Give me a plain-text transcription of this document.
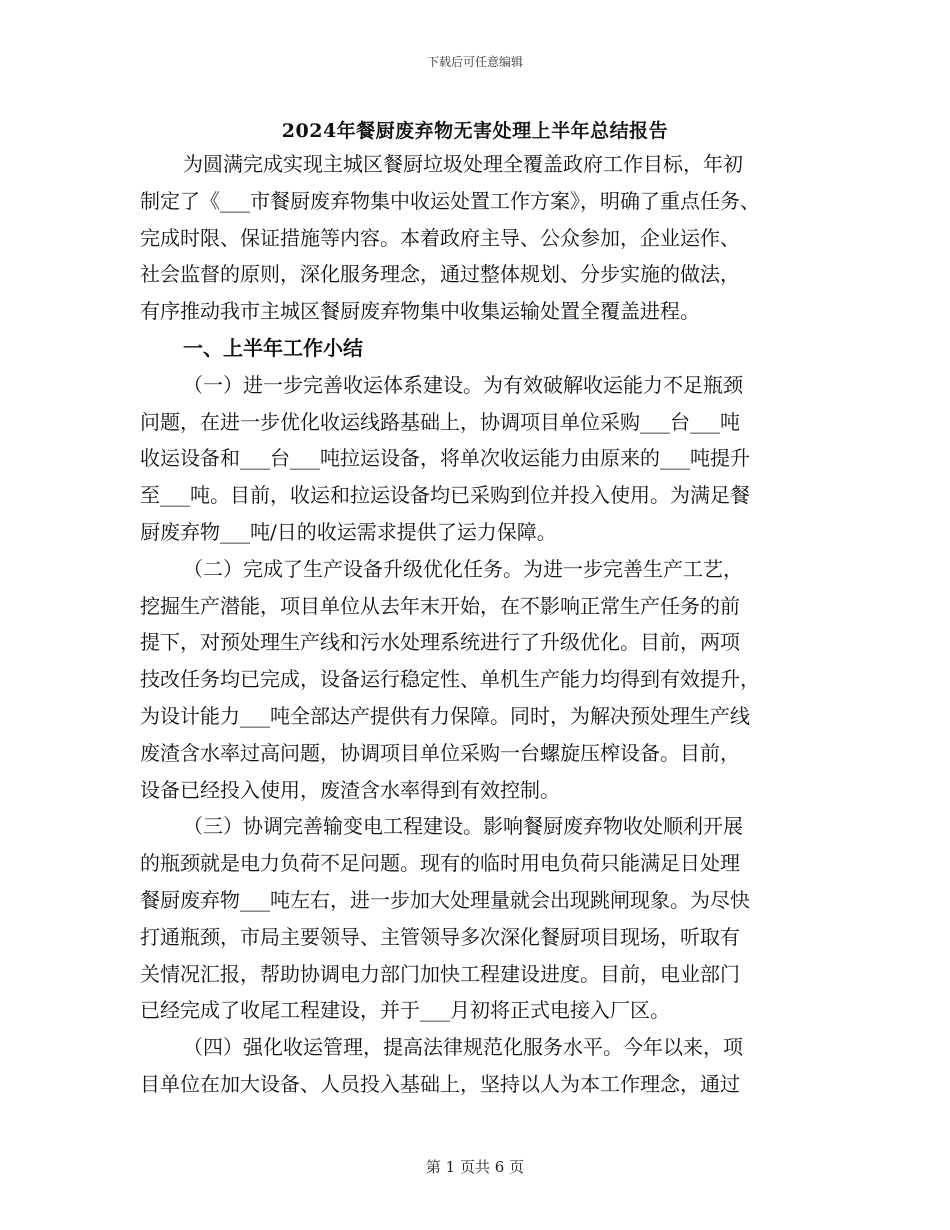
下载后可任意编辑
2024年餐厨废弃物无害处理上半年总结报告
为圆满完成实现主城区餐厨垃圾处理全覆盖政府工作目标，年初
制定了《___市餐厨废弃物集中收运处置工作方案》，明确了重点任务、
完成时限、保证措施等内容。本着政府主导、公众参加，企业运作、
社会监督的原则，深化服务理念，通过整体规划、分步实施的做法，
有序推动我市主城区餐厨废弃物集中收集运输处置全覆盖进程。
一、上半年工作小结
（一）进一步完善收运体系建设。为有效破解收运能力不足瓶颈
问题，在进一步优化收运线路基础上，协调项目单位采购___台___吨
收运设备和___台___吨拉运设备，将单次收运能力由原来的___吨提升
至___吨。目前，收运和拉运设备均已采购到位并投入使用。为满足餐
厨废弃物___吨/日的收运需求提供了运力保障。
（二）完成了生产设备升级优化任务。为进一步完善生产工艺，
挖掘生产潜能，项目单位从去年末开始，在不影响正常生产任务的前
提下，对预处理生产线和污水处理系统进行了升级优化。目前，两项
技改任务均已完成，设备运行稳定性、单机生产能力均得到有效提升，
为设计能力___吨全部达产提供有力保障。同时，为解决预处理生产线
废渣含水率过高问题，协调项目单位采购一台螺旋压榨设备。目前，
设备已经投入使用，废渣含水率得到有效控制。
（三）协调完善输变电工程建设。影响餐厨废弃物收处顺利开展
的瓶颈就是电力负荷不足问题。现有的临时用电负荷只能满足日处理
餐厨废弃物___吨左右，进一步加大处理量就会出现跳闸现象。为尽快
打通瓶颈，市局主要领导、主管领导多次深化餐厨项目现场，听取有
关情况汇报，帮助协调电力部门加快工程建设进度。目前，电业部门
已经完成了收尾工程建设，并于___月初将正式电接入厂区。
（四）强化收运管理，提高法律规范化服务水平。今年以来，项
目单位在加大设备、人员投入基础上，坚持以人为本工作理念，通过
第 1 页共 6 页
